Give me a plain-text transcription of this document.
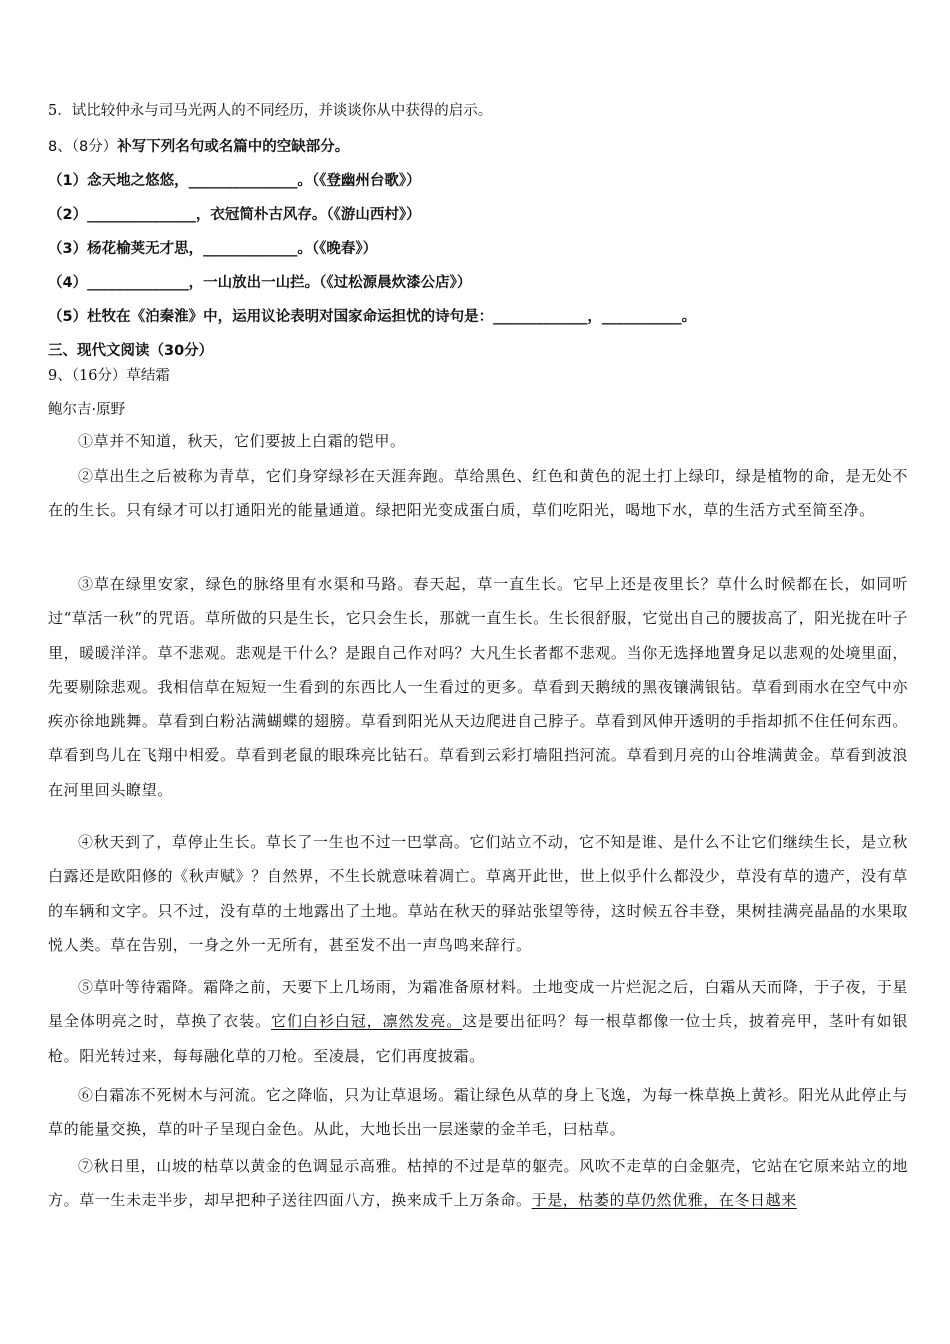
5．试比较仲永与司马光两人的不同经历，并谈谈你从中获得的启示。
8、（8分）补写下列名句或名篇中的空缺部分。
（1）念天地之悠悠，_______________。（《登幽州台歌》）
（2）_______________，衣冠简朴古风存。（《游山西村》）
（3）杨花榆荚无才思，_____________。（《晚春》）
（4）______________，一山放出一山拦。（《过松源晨炊漆公店》）
（5）杜牧在《泊秦淮》中，运用议论表明对国家命运担忧的诗句是：_____________，___________。
三、现代文阅读（30分）
9、（16分）草结霜
鲍尔吉·原野
①草并不知道，秋天，它们要披上白霜的铠甲。
②草出生之后被称为青草，它们身穿绿衫在天涯奔跑。草给黑色、红色和黄色的泥土打上绿印，绿是植物的命，是无处不在的生长。只有绿才可以打通阳光的能量通道。绿把阳光变成蛋白质，草们吃阳光，喝地下水，草的生活方式至简至净。
③草在绿里安家，绿色的脉络里有水渠和马路。春天起，草一直生长。它早上还是夜里长？草什么时候都在长，如同听过“草活一秋”的咒语。草所做的只是生长，它只会生长，那就一直生长。生长很舒服，它觉出自己的腰拔高了，阳光拢在叶子里，暖暖洋洋。草不悲观。悲观是干什么？是跟自己作对吗？大凡生长者都不悲观。当你无选择地置身足以悲观的处境里面，先要剔除悲观。我相信草在短短一生看到的东西比人一生看过的更多。草看到天鹅绒的黑夜镶满银钻。草看到雨水在空气中亦疾亦徐地跳舞。草看到白粉沾满蝴蝶的翅膀。草看到阳光从天边爬进自己脖子。草看到风伸开透明的手指却抓不住任何东西。草看到鸟儿在飞翔中相爱。草看到老鼠的眼珠亮比钻石。草看到云彩打墙阻挡河流。草看到月亮的山谷堆满黄金。草看到波浪在河里回头瞭望。
④秋天到了，草停止生长。草长了一生也不过一巴掌高。它们站立不动，它不知是谁、是什么不让它们继续生长，是立秋白露还是欧阳修的《秋声赋》？自然界，不生长就意味着凋亡。草离开此世，世上似乎什么都没少，草没有草的遗产，没有草的车辆和文字。只不过，没有草的土地露出了土地。草站在秋天的驿站张望等待，这时候五谷丰登，果树挂满亮晶晶的水果取悦人类。草在告别，一身之外一无所有，甚至发不出一声鸟鸣来辞行。
⑤草叶等待霜降。霜降之前，天要下上几场雨，为霜准备原材料。土地变成一片烂泥之后，白霜从天而降，于子夜，于星星全体明亮之时，草换了衣装。它们白衫白冠，凛然发亮。这是要出征吗？每一根草都像一位士兵，披着亮甲，茎叶有如银枪。阳光转过来，每每融化草的刀枪。至凌晨，它们再度披霜。
⑥白霜冻不死树木与河流。它之降临，只为让草退场。霜让绿色从草的身上飞逸，为每一株草换上黄衫。阳光从此停止与草的能量交换，草的叶子呈现白金色。从此，大地长出一层迷蒙的金羊毛，曰枯草。
⑦秋日里，山坡的枯草以黄金的色调显示高雅。枯掉的不过是草的躯壳。风吹不走草的白金躯壳，它站在它原来站立的地方。草一生未走半步，却早把种子送往四面八方，换来成千上万条命。于是，枯萎的草仍然优雅，在冬日越来
